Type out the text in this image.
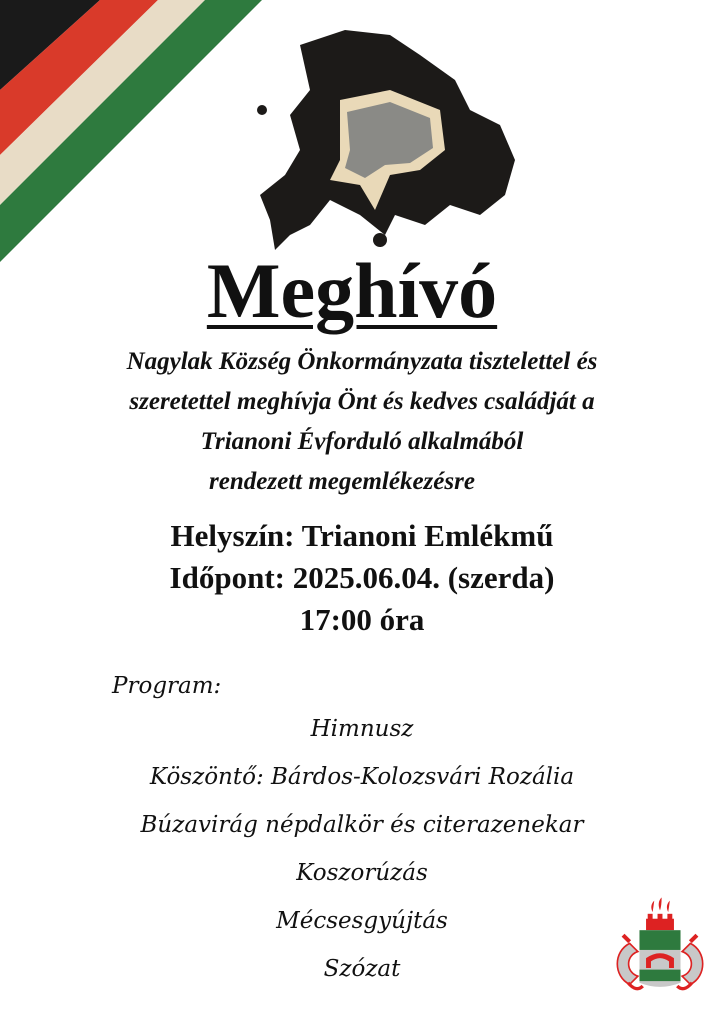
Meghívó
Nagylak Község Önkormányzata tisztelettel és
szeretettel meghívja Önt és kedves családját a
Trianoni Évforduló alkalmából
rendezett megemlékezésre
Helyszín: Trianoni Emlékmű
Időpont: 2025.06.04. (szerda)
17:00 óra
Program:
Himnusz
Köszöntő: Bárdos-Kolozsvári Rozália
Búzavirág népdalkör és citerazenekar
Koszorúzás
Mécsesgyújtás
Szózat
